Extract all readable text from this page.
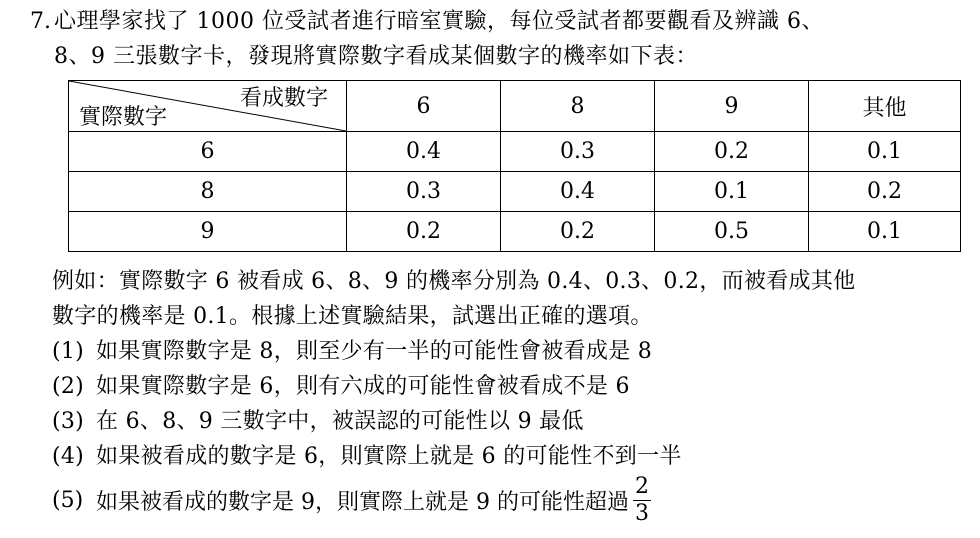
7. 心理學家找了 1000 位受試者進行暗室實驗，每位受試者都要觀看及辨識 6、
8、9 三張數字卡，發現將實際數字看成某個數字的機率如下表：
看成數字
實際數字	6	8	9	其他
6	0.4	0.3	0.2	0.1
8	0.3	0.4	0.1	0.2
9	0.2	0.2	0.5	0.1
例如：實際數字 6 被看成 6、8、9 的機率分別為 0.4、0.3、0.2，而被看成其他
數字的機率是 0.1。根據上述實驗結果，試選出正確的選項。
(1) 如果實際數字是 8，則至少有一半的可能性會被看成是 8
(2) 如果實際數字是 6，則有六成的可能性會被看成不是 6
(3) 在 6、8、9 三數字中，被誤認的可能性以 9 最低
(4) 如果被看成的數字是 6，則實際上就是 6 的可能性不到一半
(5) 如果被看成的數字是 9，則實際上就是 9 的可能性超過 $\frac{2}{3}$
